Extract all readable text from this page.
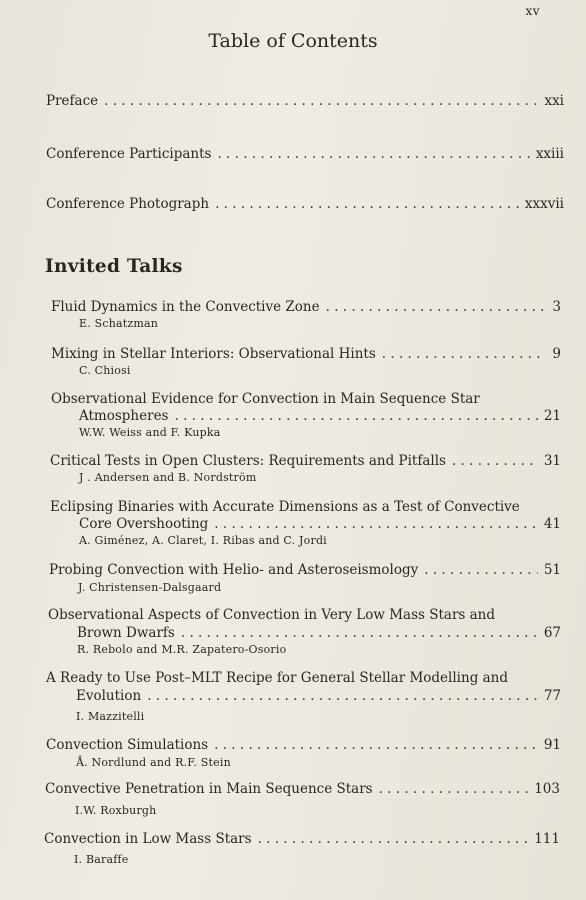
xv
Table of Contents
Preface . . .	xxi
Conference Participants . . .	xxiii
Conference Photograph . . .	xxxvii
Invited Talks
Fluid Dynamics in the Convective Zone . . .	3
E. Schatzman
Mixing in Stellar Interiors: Observational Hints . . .	9
C. Chiosi
Observational Evidence for Convection in Main Sequence Star
Atmospheres . . .	21
W.W. Weiss and F. Kupka
Critical Tests in Open Clusters: Requirements and Pitfalls . . .	31
J . Andersen and B. Nordström
Eclipsing Binaries with Accurate Dimensions as a Test of Convective
Core Overshooting . . .	41
A. Giménez, A. Claret, I. Ribas and C. Jordi
Probing Convection with Helio- and Asteroseismology . . .	51
J. Christensen-Dalsgaard
Observational Aspects of Convection in Very Low Mass Stars and
Brown Dwarfs . . .	67
R. Rebolo and M.R. Zapatero-Osorio
A Ready to Use Post–MLT Recipe for General Stellar Modelling and
Evolution . . .	77
I. Mazzitelli
Convection Simulations . . .	91
Å. Nordlund and R.F. Stein
Convective Penetration in Main Sequence Stars . . .	103
I.W. Roxburgh
Convection in Low Mass Stars . . .	111
I. Baraffe
